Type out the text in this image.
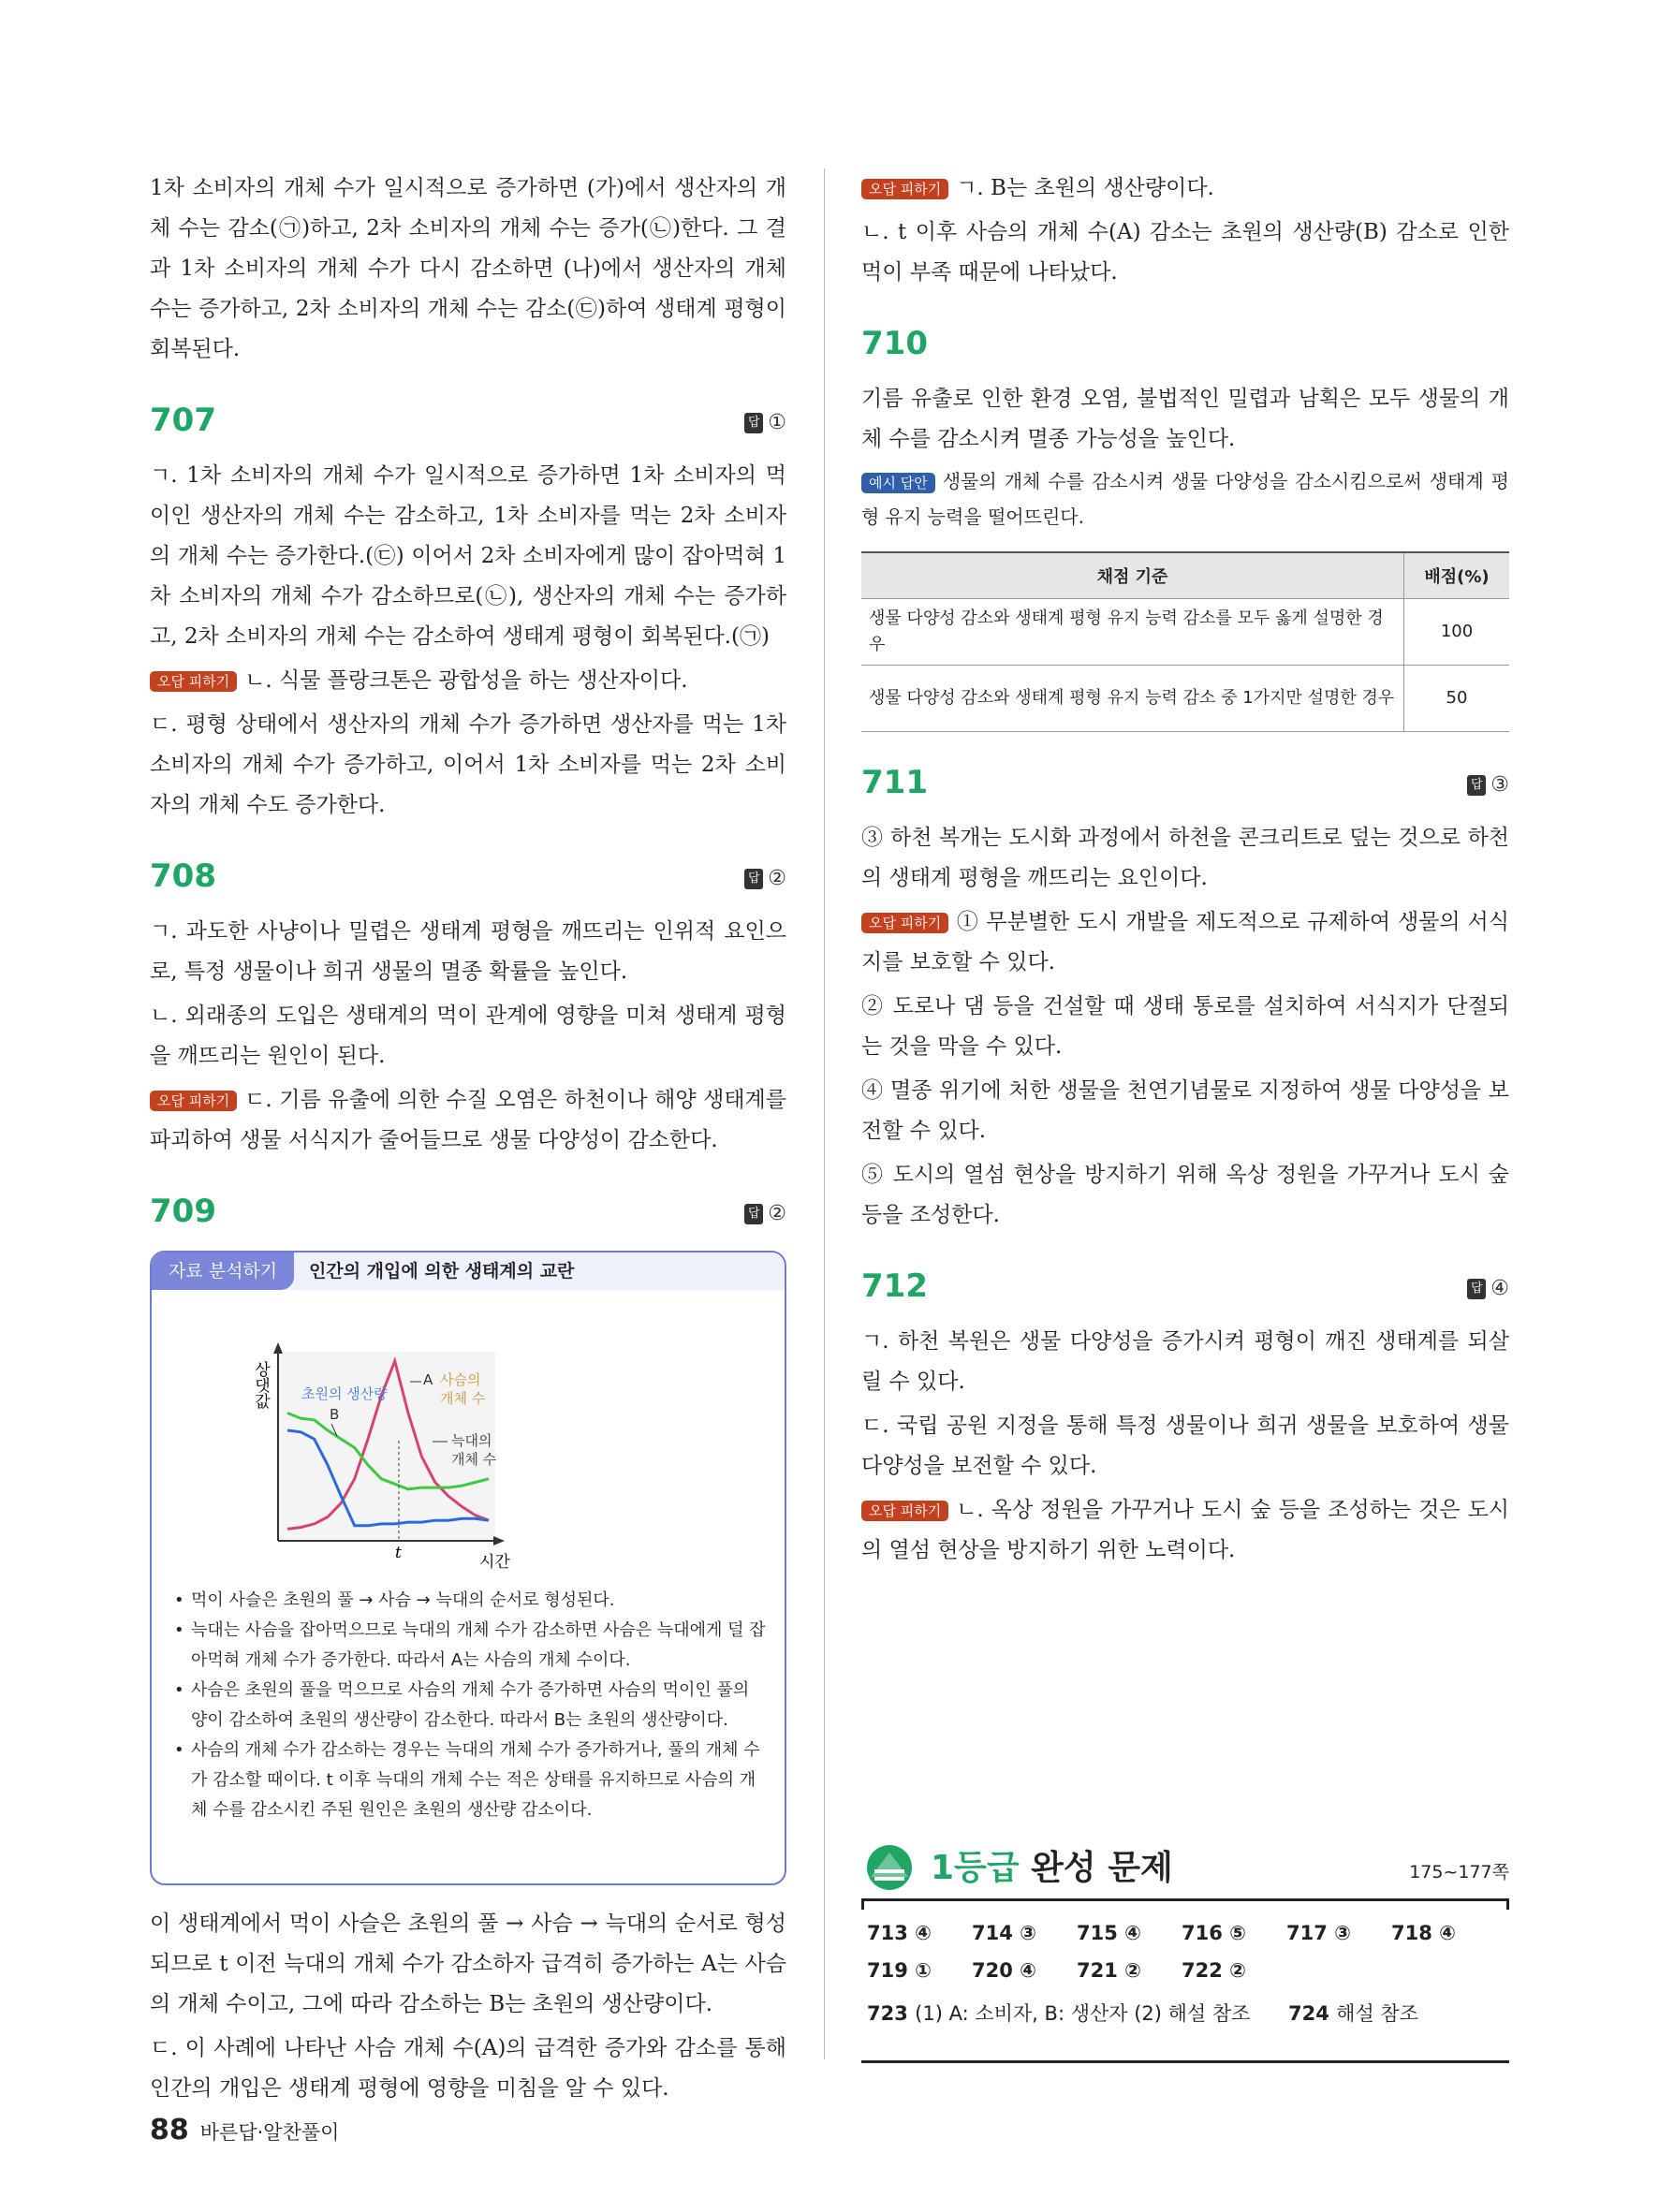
1차 소비자의 개체 수가 일시적으로 증가하면 (가)에서 생산자의 개체 수는 감소(㉠)하고, 2차 소비자의 개체 수는 증가(㉡)한다. 그 결과 1차 소비자의 개체 수가 다시 감소하면 (나)에서 생산자의 개체 수는 증가하고, 2차 소비자의 개체 수는 감소(㉢)하여 생태계 평형이 회복된다.

707	답 ①

ㄱ. 1차 소비자의 개체 수가 일시적으로 증가하면 1차 소비자의 먹이인 생산자의 개체 수는 감소하고, 1차 소비자를 먹는 2차 소비자의 개체 수는 증가한다.(㉢) 이어서 2차 소비자에게 많이 잡아먹혀 1차 소비자의 개체 수가 감소하므로(㉡), 생산자의 개체 수는 증가하고, 2차 소비자의 개체 수는 감소하여 생태계 평형이 회복된다.(㉠)

오답 피하기 ㄴ. 식물 플랑크톤은 광합성을 하는 생산자이다.

ㄷ. 평형 상태에서 생산자의 개체 수가 증가하면 생산자를 먹는 1차 소비자의 개체 수가 증가하고, 이어서 1차 소비자를 먹는 2차 소비자의 개체 수도 증가한다.

708	답 ②

ㄱ. 과도한 사냥이나 밀렵은 생태계 평형을 깨뜨리는 인위적 요인으로, 특정 생물이나 희귀 생물의 멸종 확률을 높인다.

ㄴ. 외래종의 도입은 생태계의 먹이 관계에 영향을 미쳐 생태계 평형을 깨뜨리는 원인이 된다.

오답 피하기 ㄷ. 기름 유출에 의한 수질 오염은 하천이나 해양 생태계를 파괴하여 생물 서식지가 줄어들므로 생물 다양성이 감소한다.

709	답 ②
자료 분석하기	인간의 개입에 의한 생태계의 교란
상댓값
시간
A 사슴의
개체 수
초원의 생산량
B
늑대의
개체 수
t
• 먹이 사슬은 초원의 풀 → 사슴 → 늑대의 순서로 형성된다.
• 늑대는 사슴을 잡아먹으므로 늑대의 개체 수가 감소하면 사슴은 늑대에게 덜 잡아먹혀 개체 수가 증가한다. 따라서 A는 사슴의 개체 수이다.
• 사슴은 초원의 풀을 먹으므로 사슴의 개체 수가 증가하면 사슴의 먹이인 풀의 양이 감소하여 초원의 생산량이 감소한다. 따라서 B는 초원의 생산량이다.
• 사슴의 개체 수가 감소하는 경우는 늑대의 개체 수가 증가하거나, 풀의 개체 수가 감소할 때이다. t 이후 늑대의 개체 수는 적은 상태를 유지하므로 사슴의 개체 수를 감소시킨 주된 원인은 초원의 생산량 감소이다.

이 생태계에서 먹이 사슬은 초원의 풀 → 사슴 → 늑대의 순서로 형성되므로 t 이전 늑대의 개체 수가 감소하자 급격히 증가하는 A는 사슴의 개체 수이고, 그에 따라 감소하는 B는 초원의 생산량이다.

ㄷ. 이 사례에 나타난 사슴 개체 수(A)의 급격한 증가와 감소를 통해 인간의 개입은 생태계 평형에 영향을 미침을 알 수 있다.

오답 피하기 ㄱ. B는 초원의 생산량이다.

ㄴ. t 이후 사슴의 개체 수(A) 감소는 초원의 생산량(B) 감소로 인한 먹이 부족 때문에 나타났다.

710

기름 유출로 인한 환경 오염, 불법적인 밀렵과 남획은 모두 생물의 개체 수를 감소시켜 멸종 가능성을 높인다.

예시 답안 생물의 개체 수를 감소시켜 생물 다양성을 감소시킴으로써 생태계 평형 유지 능력을 떨어뜨린다.

채점 기준	배점(%)
생물 다양성 감소와 생태계 평형 유지 능력 감소를 모두 옳게 설명한 경우	100
생물 다양성 감소와 생태계 평형 유지 능력 감소 중 1가지만 설명한 경우	50
711	답 ③

③ 하천 복개는 도시화 과정에서 하천을 콘크리트로 덮는 것으로 하천의 생태계 평형을 깨뜨리는 요인이다.

오답 피하기 ① 무분별한 도시 개발을 제도적으로 규제하여 생물의 서식지를 보호할 수 있다.

② 도로나 댐 등을 건설할 때 생태 통로를 설치하여 서식지가 단절되는 것을 막을 수 있다.

④ 멸종 위기에 처한 생물을 천연기념물로 지정하여 생물 다양성을 보전할 수 있다.

⑤ 도시의 열섬 현상을 방지하기 위해 옥상 정원을 가꾸거나 도시 숲 등을 조성한다.

712	답 ④

ㄱ. 하천 복원은 생물 다양성을 증가시켜 평형이 깨진 생태계를 되살릴 수 있다.

ㄷ. 국립 공원 지정을 통해 특정 생물이나 희귀 생물을 보호하여 생물 다양성을 보전할 수 있다.

오답 피하기 ㄴ. 옥상 정원을 가꾸거나 도시 숲 등을 조성하는 것은 도시의 열섬 현상을 방지하기 위한 노력이다.

1등급 완성 문제	175~177쪽
713 ④ 714 ③ 715 ④ 716 ⑤ 717 ③ 718 ④
719 ① 720 ④ 721 ② 722 ②
723 (1) A: 소비자, B: 생산자 (2) 해설 참조 724 해설 참조
88 바른답·알찬풀이
